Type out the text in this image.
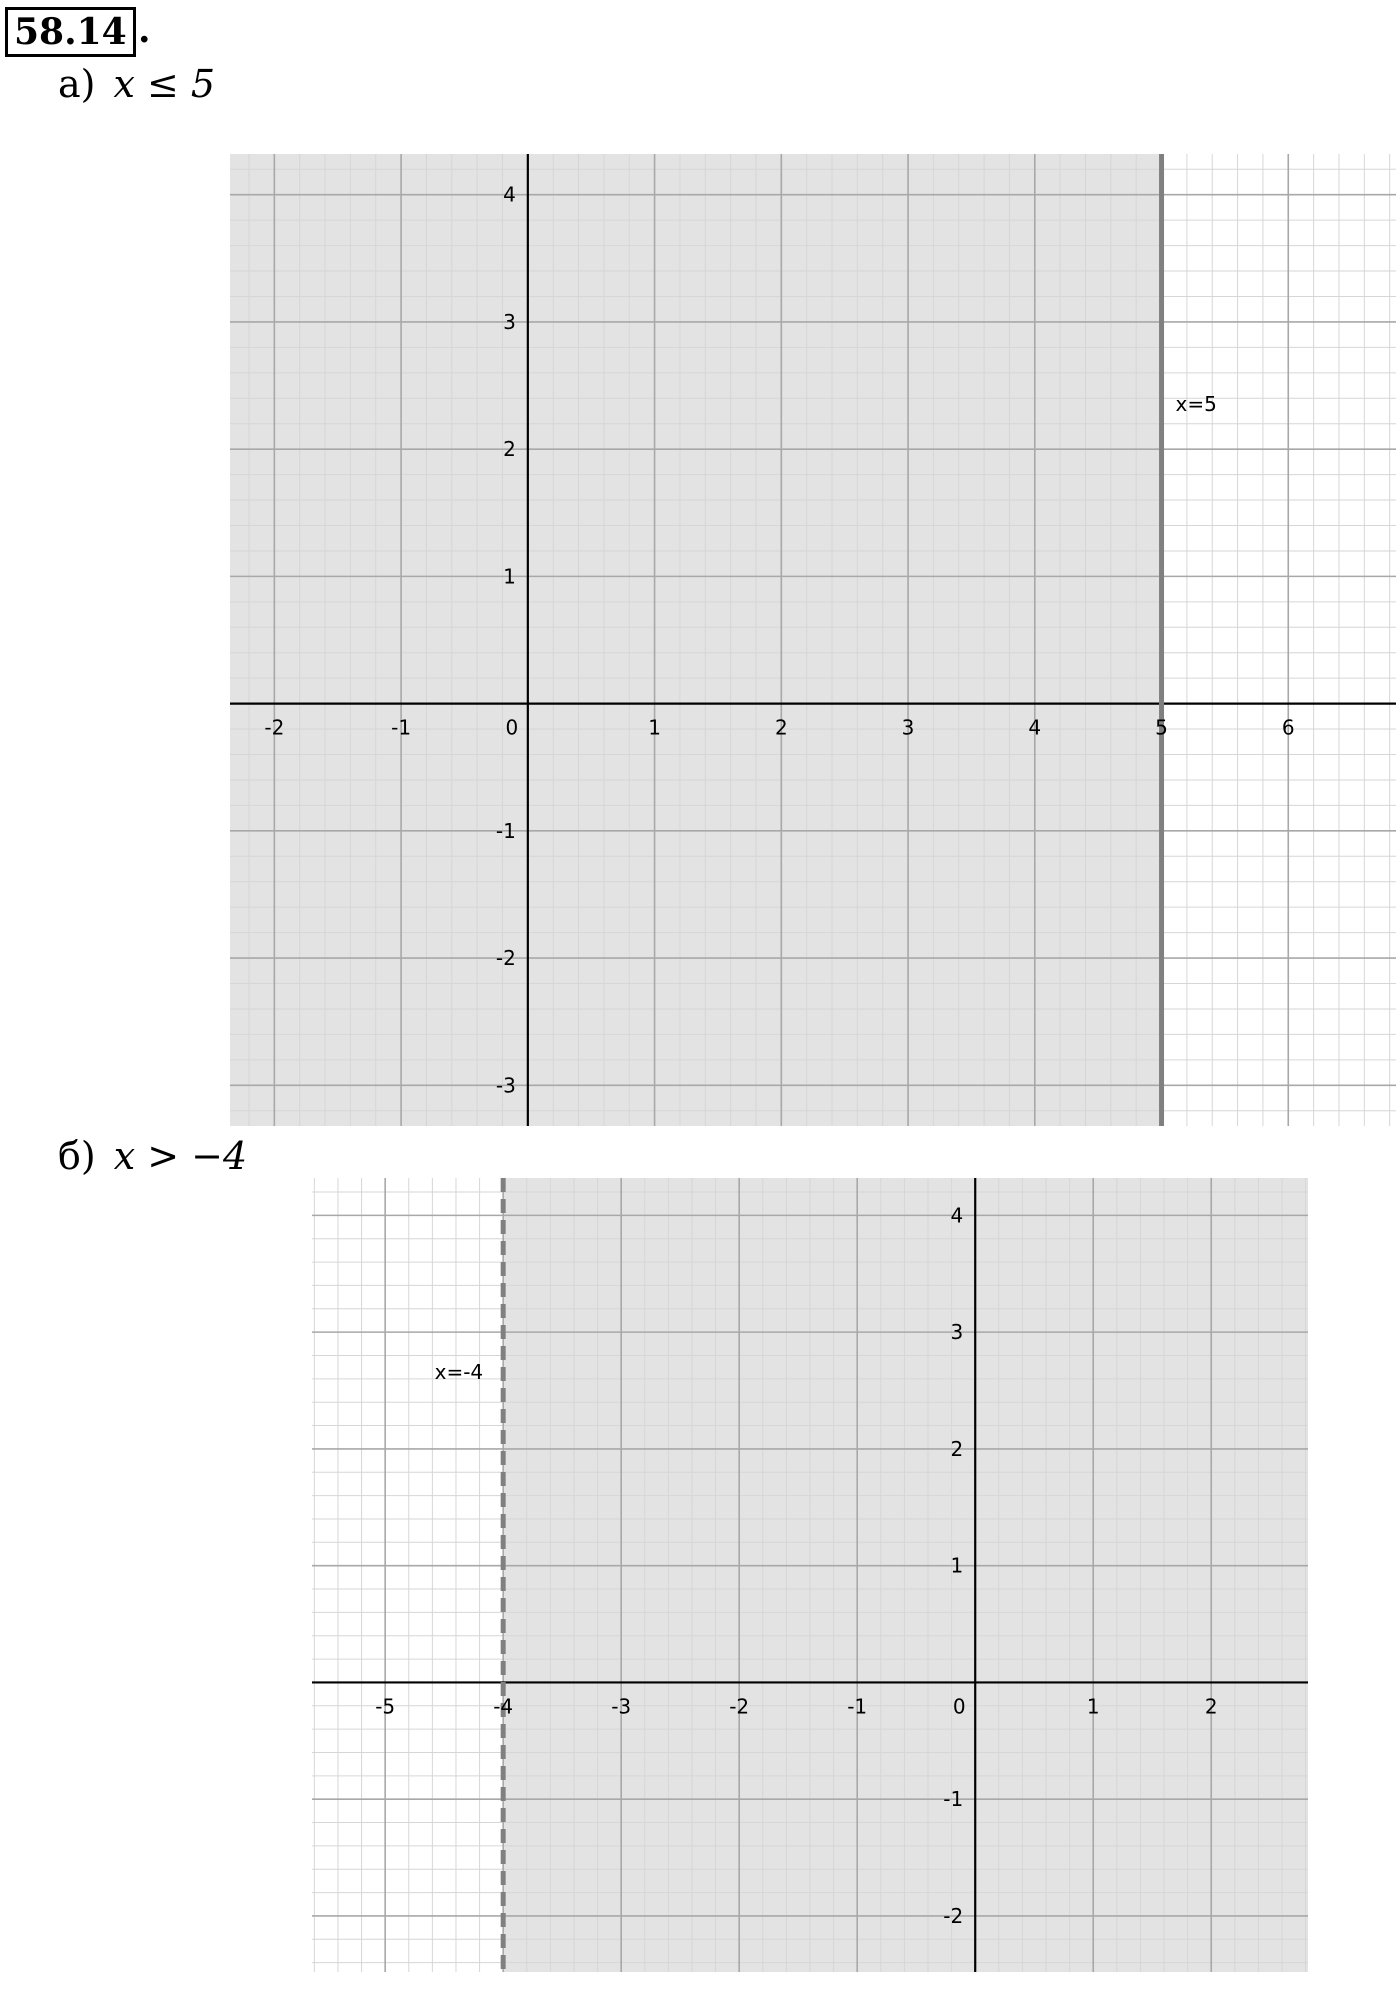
58.14 .
а) x ≤ 5
-2	-1	0	1	2	3	4	5	6
-3
-2
-1
1
2
3
4
x=5
б) x > −4
-5	-4	-3	-2	-1	0	1	2
-2
-1
1
2
3
4
x=-4
